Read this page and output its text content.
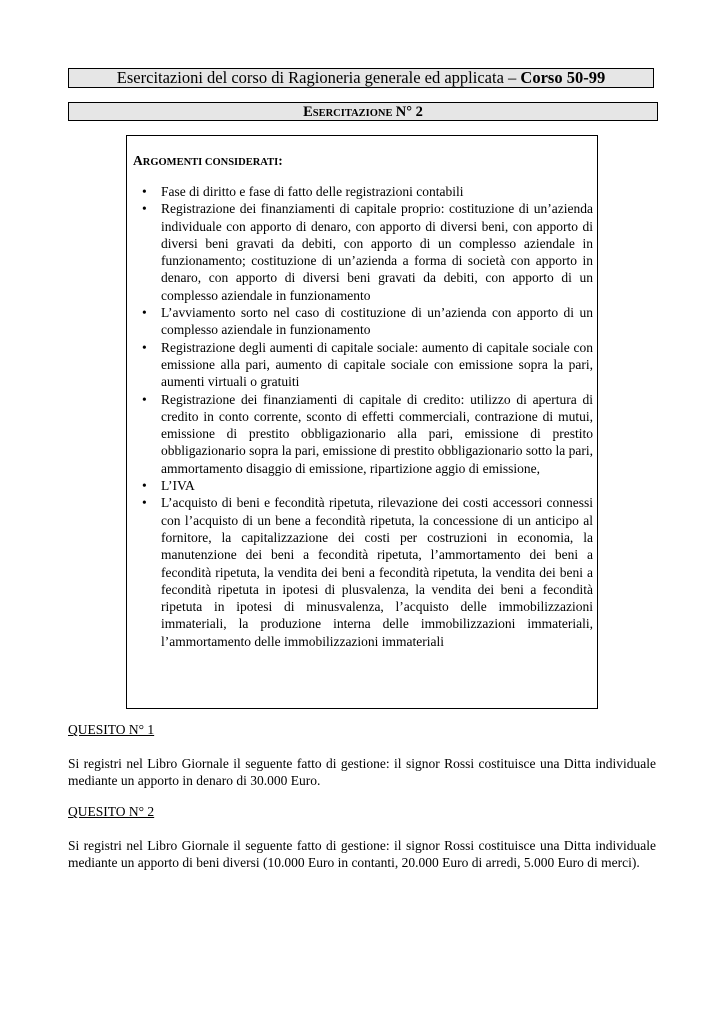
Esercitazioni del corso di Ragioneria generale ed applicata – Corso 50-99
ESERCITAZIONE N° 2
ARGOMENTI CONSIDERATI:
• Fase di diritto e fase di fatto delle registrazioni contabili
• Registrazione dei finanziamenti di capitale proprio: costituzione di un’azienda individuale con apporto di denaro, con apporto di diversi beni, con apporto di diversi beni gravati da debiti, con apporto di un complesso aziendale in funzionamento; costituzione di un’azienda a forma di società con apporto in denaro, con apporto di diversi beni gravati da debiti, con apporto di un complesso aziendale in funzionamento
• L’avviamento sorto nel caso di costituzione di un’azienda con apporto di un complesso aziendale in funzionamento
• Registrazione degli aumenti di capitale sociale: aumento di capitale sociale con emissione alla pari, aumento di capitale sociale con emissione sopra la pari, aumenti virtuali o gratuiti
• Registrazione dei finanziamenti di capitale di credito: utilizzo di apertura di credito in conto corrente, sconto di effetti commerciali, contrazione di mutui, emissione di prestito obbligazionario alla pari, emissione di prestito obbligazionario sopra la pari, emissione di prestito obbligazionario sotto la pari, ammortamento disaggio di emissione, ripartizione aggio di emissione,
• L’IVA
• L’acquisto di beni e fecondità ripetuta, rilevazione dei costi accessori connessi con l’acquisto di un bene a fecondità ripetuta, la concessione di un anticipo al fornitore, la capitalizzazione dei costi per costruzioni in economia, la manutenzione dei beni a fecondità ripetuta, l’ammortamento dei beni a fecondità ripetuta, la vendita dei beni a fecondità ripetuta, la vendita dei beni a fecondità ripetuta in ipotesi di plusvalenza, la vendita dei beni a fecondità ripetuta in ipotesi di minusvalenza, l’acquisto delle immobilizzazioni immateriali, la produzione interna delle immobilizzazioni immateriali, l’ammortamento delle immobilizzazioni immateriali
QUESITO N° 1
Si registri nel Libro Giornale il seguente fatto di gestione: il signor Rossi costituisce una Ditta individuale mediante un apporto in denaro di 30.000 Euro.
QUESITO N° 2
Si registri nel Libro Giornale il seguente fatto di gestione: il signor Rossi costituisce una Ditta individuale mediante un apporto di beni diversi (10.000 Euro in contanti, 20.000 Euro di arredi, 5.000 Euro di merci).
